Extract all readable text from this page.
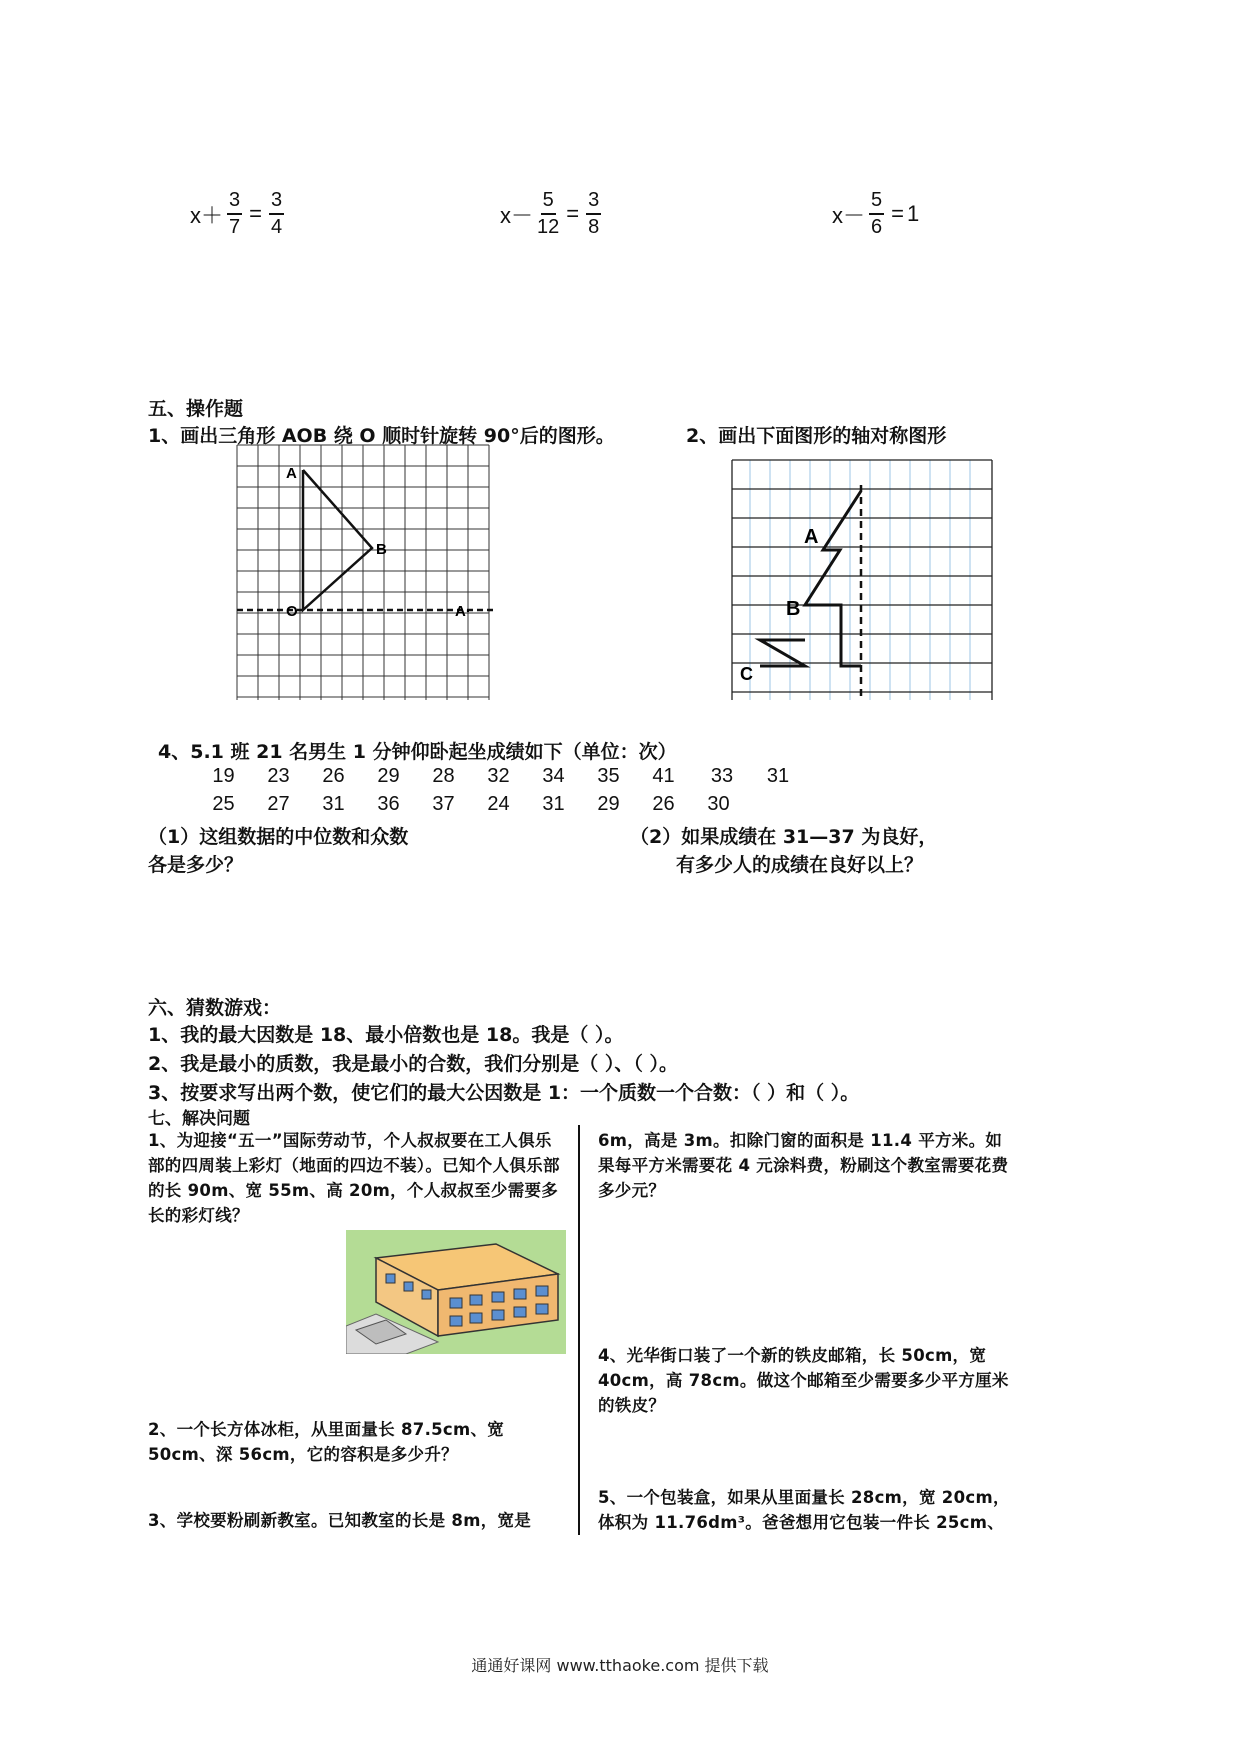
$x+ \frac{3}{7} = \frac{3}{4}$	$x- \frac{5}{12} = \frac{3}{8}$	$x- \frac{5}{6} = 1$
五、操作题
1、画出三角形 AOB 绕 O 顺时针旋转 90°后的图形。	2、画出下面图形的轴对称图形
A
B
O	A·
A
B
C
4、5.1 班 21 名男生 1 分钟仰卧起坐成绩如下（单位：次）
19	23	26	29	28	32	34	35	41	33	31
25	27	31	36	37	24	31	29	26	30
（1）这组数据的中位数和众数
各是多少？
（2）如果成绩在 31—37 为良好，
有多少人的成绩在良好以上？
六、猜数游戏：
1、我的最大因数是 18、最小倍数也是 18。我是（ ）。
2、我是最小的质数，我是最小的合数，我们分别是（ ）、（ ）。
3、按要求写出两个数，使它们的最大公因数是 1：一个质数一个合数：（ ）和（ ）。
七、解决问题
1、为迎接“五一”国际劳动节，个人叔叔要在工人俱乐部的四周装上彩灯（地面的四边不装）。已知个人俱乐部的长 90m、宽 55m、高 20m，个人叔叔至少需要多长的彩灯线？
2、一个长方体冰柜，从里面量长 87.5cm、宽 50cm、深 56cm，它的容积是多少升？
3、学校要粉刷新教室。已知教室的长是 8m，宽是
6m，高是 3m。扣除门窗的面积是 11.4 平方米。如果每平方米需要花 4 元涂料费，粉刷这个教室需要花费多少元？
4、光华街口装了一个新的铁皮邮箱，长 50cm，宽 40cm，高 78cm。做这个邮箱至少需要多少平方厘米的铁皮？
5、一个包装盒，如果从里面量长 28cm，宽 20cm，体积为 11.76dm³。爸爸想用它包装一件长 25cm、
通通好课网 www.tthaoke.com 提供下载
